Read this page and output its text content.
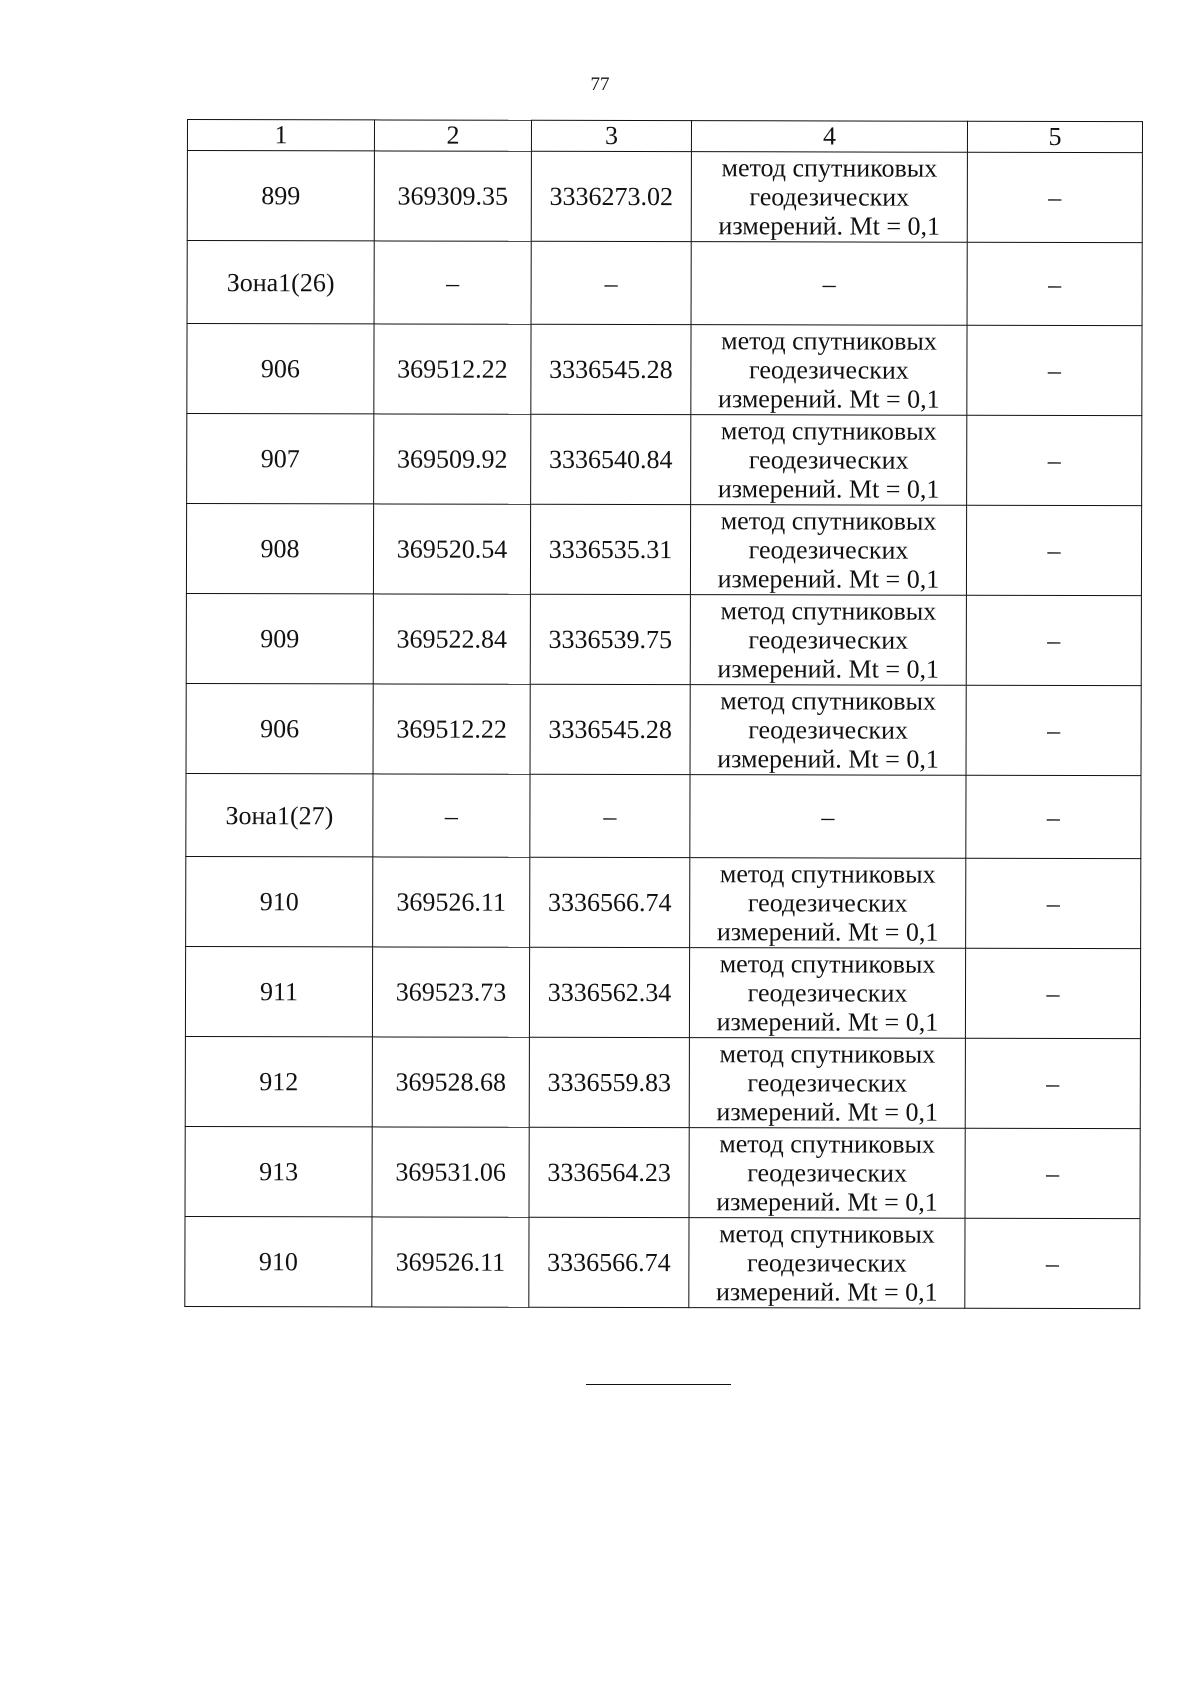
77
1	2	3	4	5
899	369309.35	3336273.02	метод спутниковых геодезических измерений. Mt = 0,1	–
Зона1(26)	–	–	–	–
906	369512.22	3336545.28	метод спутниковых геодезических измерений. Mt = 0,1	–
907	369509.92	3336540.84	метод спутниковых геодезических измерений. Mt = 0,1	–
908	369520.54	3336535.31	метод спутниковых геодезических измерений. Mt = 0,1	–
909	369522.84	3336539.75	метод спутниковых геодезических измерений. Mt = 0,1	–
906	369512.22	3336545.28	метод спутниковых геодезических измерений. Mt = 0,1	–
Зона1(27)	–	–	–	–
910	369526.11	3336566.74	метод спутниковых геодезических измерений. Mt = 0,1	–
911	369523.73	3336562.34	метод спутниковых геодезических измерений. Mt = 0,1	–
912	369528.68	3336559.83	метод спутниковых геодезических измерений. Mt = 0,1	–
913	369531.06	3336564.23	метод спутниковых геодезических измерений. Mt = 0,1	–
910	369526.11	3336566.74	метод спутниковых геодезических измерений. Mt = 0,1	–
